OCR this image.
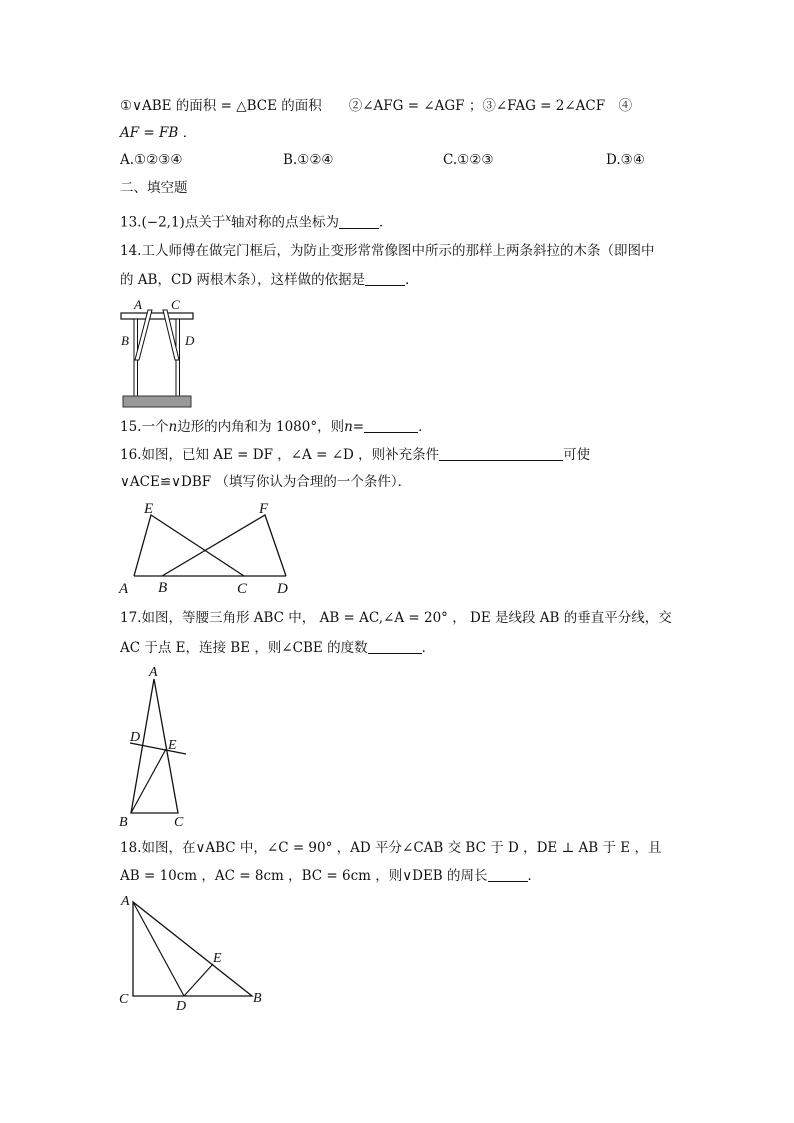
①∨ABE 的面积 = △BCE 的面积　　②∠AFG = ∠AGF ；③∠FAG = 2∠ACF　④
AF = FB ．
A.①②③④	B.①②④	C.①②③	D.③④
二、填空题
13.(−2,1)点关于$^x$轴对称的点坐标为	．
14.工人师傅在做完门框后，为防止变形常常像图中所示的那样上两条斜拉的木条（即图中
的 AB，CD 两根木条），这样做的依据是	．
A C
B	D
15.一个n边形的内角和为 1080°，则n=	．
16.如图，已知 AE = DF ，∠A = ∠D ，则补充条件	可使
∨ACE≌∨DBF （填写你认为合理的一个条件）．
E	F
A B	C D
17.如图，等腰三角形 ABC 中， AB = AC,∠A = 20° ， DE 是线段 AB 的垂直平分线，交
AC 于点 E，连接 BE ，则∠CBE 的度数	．
A
D
E
B	C
18.如图，在∨ABC 中，∠C = 90° ，AD 平分∠CAB 交 BC 于 D ，DE ⊥ AB 于 E ，且
AB = 10cm ，AC = 8cm ，BC = 6cm ，则∨DEB 的周长	．
A
E
C	D
B
